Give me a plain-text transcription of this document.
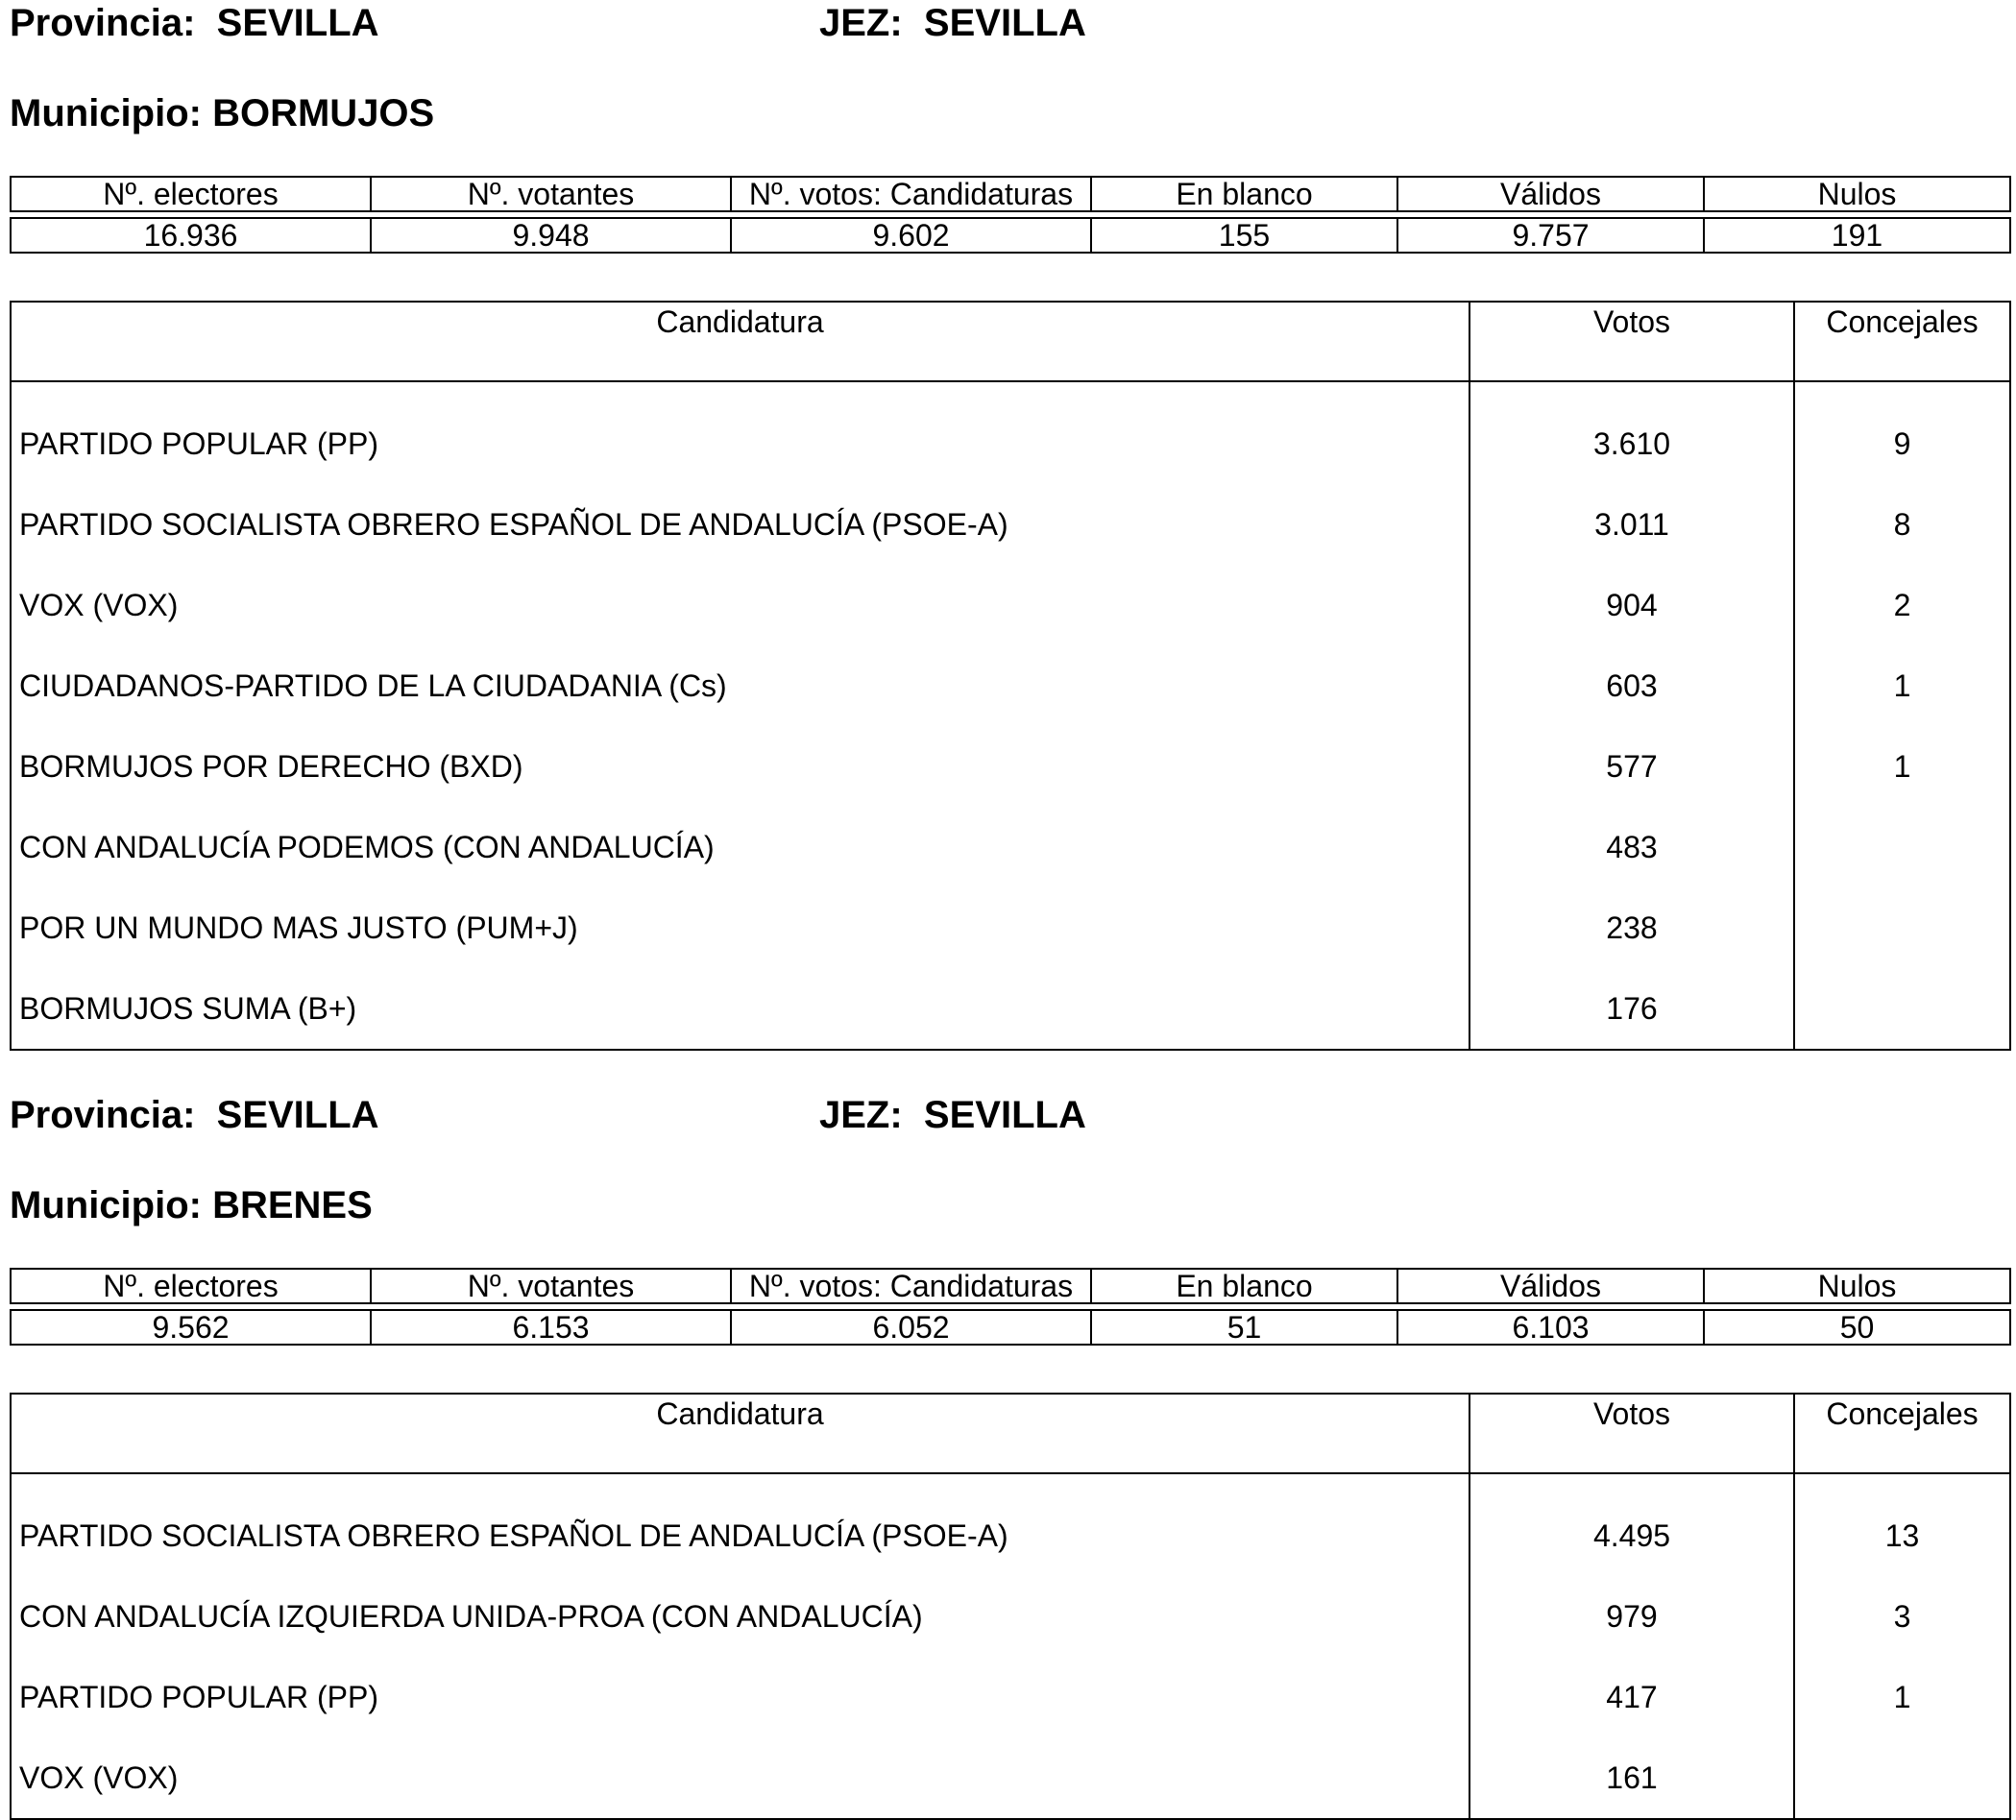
Provincia: SEVILLA	JEZ: SEVILLA
Municipio: BORMUJOS
Nº. electores	Nº. votantes	Nº. votos: Candidaturas	En blanco	Válidos	Nulos
16.936	9.948	9.602	155	9.757	191
Candidatura	Votos	Concejales
PARTIDO POPULAR (PP)	3.610	9
PARTIDO SOCIALISTA OBRERO ESPAÑOL DE ANDALUCÍA (PSOE-A)	3.011	8
VOX (VOX)	904	2
CIUDADANOS-PARTIDO DE LA CIUDADANIA (Cs)	603	1
BORMUJOS POR DERECHO (BXD)	577	1
CON ANDALUCÍA PODEMOS (CON ANDALUCÍA)	483	
POR UN MUNDO MAS JUSTO (PUM+J)	238	
BORMUJOS SUMA (B+)	176	
Provincia: SEVILLA	JEZ: SEVILLA
Municipio: BRENES
Nº. electores	Nº. votantes	Nº. votos: Candidaturas	En blanco	Válidos	Nulos
9.562	6.153	6.052	51	6.103	50
Candidatura	Votos	Concejales
PARTIDO SOCIALISTA OBRERO ESPAÑOL DE ANDALUCÍA (PSOE-A)	4.495	13
CON ANDALUCÍA IZQUIERDA UNIDA-PROA (CON ANDALUCÍA)	979	3
PARTIDO POPULAR (PP)	417	1
VOX (VOX)	161	
